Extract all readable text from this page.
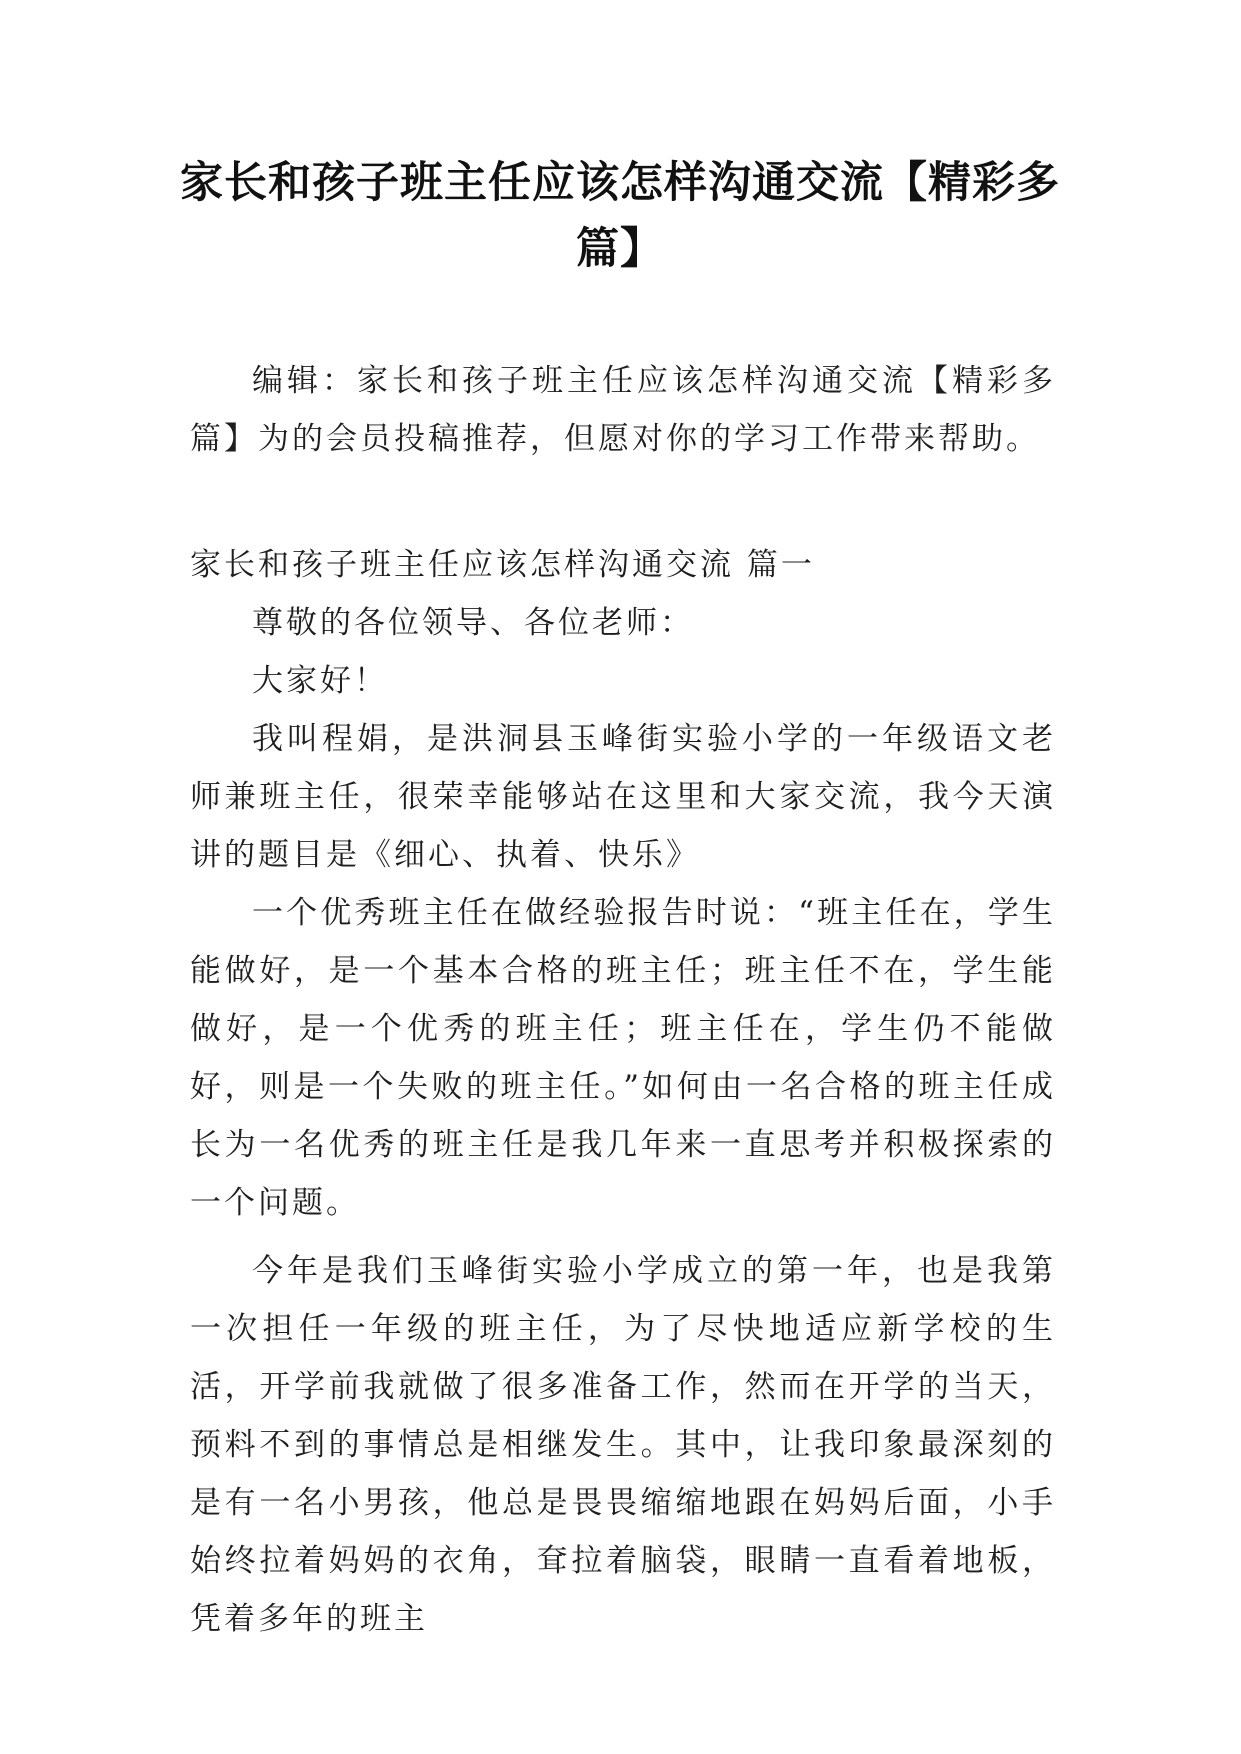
家长和孩子班主任应该怎样沟通交流【精彩多篇】

编辑：家长和孩子班主任应该怎样沟通交流【精彩多篇】为的会员投稿推荐，但愿对你的学习工作带来帮助。

家长和孩子班主任应该怎样沟通交流 篇一

尊敬的各位领导、各位老师：

大家好！

我叫程娟，是洪洞县玉峰街实验小学的一年级语文老师兼班主任，很荣幸能够站在这里和大家交流，我今天演讲的题目是《细心、执着、快乐》

一个优秀班主任在做经验报告时说：“班主任在，学生能做好，是一个基本合格的班主任；班主任不在，学生能做好，是一个优秀的班主任；班主任在，学生仍不能做好，则是一个失败的班主任。”如何由一名合格的班主任成长为一名优秀的班主任是我几年来一直思考并积极探索的一个问题。

今年是我们玉峰街实验小学成立的第一年，也是我第一次担任一年级的班主任，为了尽快地适应新学校的生活，开学前我就做了很多准备工作，然而在开学的当天，预料不到的事情总是相继发生。其中，让我印象最深刻的是有一名小男孩，他总是畏畏缩缩地跟在妈妈后面，小手始终拉着妈妈的衣角，耷拉着脑袋，眼睛一直看着地板，凭着多年的班主
